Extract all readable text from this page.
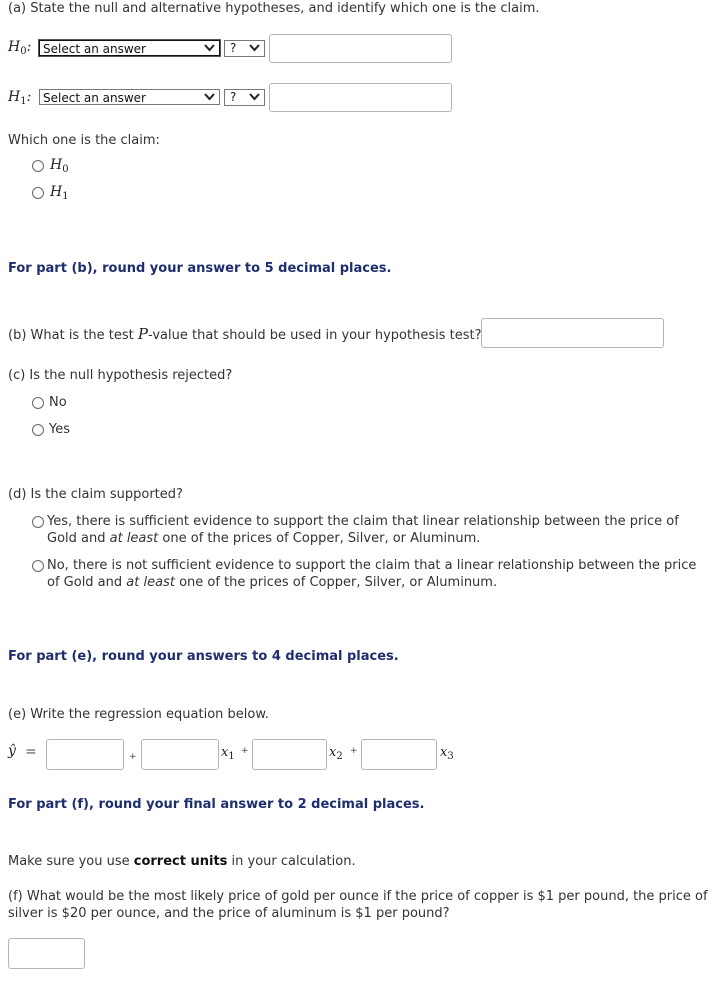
(a) State the null and alternative hypotheses, and identify which one is the claim.
$H_0$: Select an answer	?
$H_1$: Select an answer	?
Which one is the claim:
$H_0$
$H_1$
For part (b), round your answer to 5 decimal places.
(b) What is the test P-value that should be used in your hypothesis test?
(c) Is the null hypothesis rejected?
No
Yes
(d) Is the claim supported?
Yes, there is sufficient evidence to support the claim that linear relationship between the price of Gold and at least one of the prices of Copper, Silver, or Aluminum.
No, there is not sufficient evidence to support the claim that a linear relationship between the price of Gold and at least one of the prices of Copper, Silver, or Aluminum.
For part (e), round your answers to 4 decimal places.
(e) Write the regression equation below.
ŷ =	+	$x_1$ +	$x_2$ +	$x_3$
For part (f), round your final answer to 2 decimal places.
Make sure you use correct units in your calculation.
(f) What would be the most likely price of gold per ounce if the price of copper is $1 per pound, the price of silver is $20 per ounce, and the price of aluminum is $1 per pound?
